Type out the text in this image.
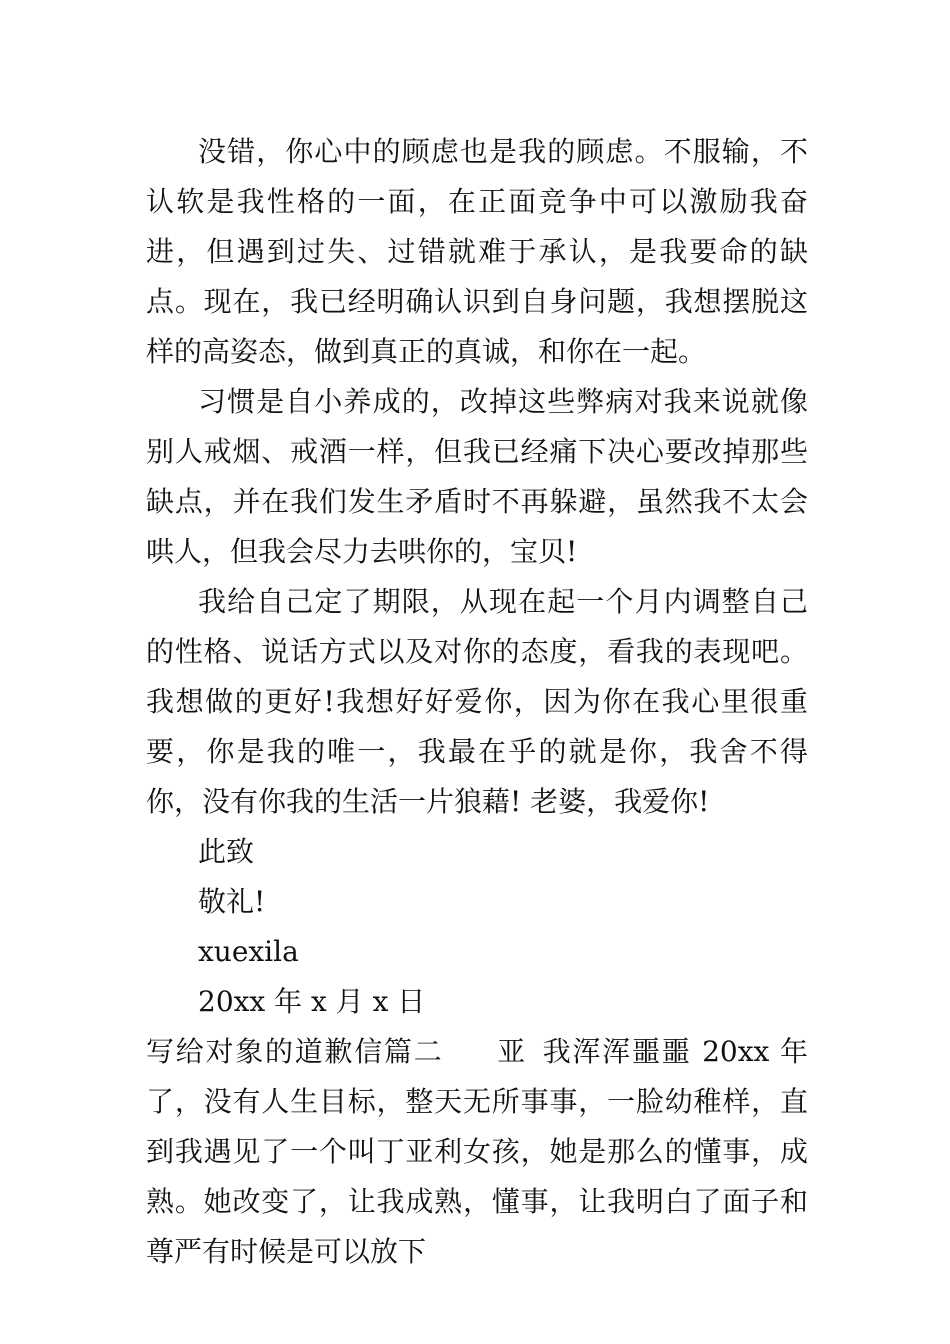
没错，你心中的顾虑也是我的顾虑。不服输，不认软是我性格的一面，在正面竞争中可以激励我奋进，但遇到过失、过错就难于承认，是我要命的缺点。现在，我已经明确认识到自身问题，我想摆脱这样的高姿态，做到真正的真诚，和你在一起。

习惯是自小养成的，改掉这些弊病对我来说就像别人戒烟、戒酒一样，但我已经痛下决心要改掉那些缺点，并在我们发生矛盾时不再躲避，虽然我不太会哄人，但我会尽力去哄你的，宝贝!

我给自己定了期限，从现在起一个月内调整自己的性格、说话方式以及对你的态度，看我的表现吧。我想做的更好!我想好好爱你，因为你在我心里很重要，你是我的唯一，我最在乎的就是你，我舍不得你，没有你我的生活一片狼藉! 老婆，我爱你!

此致

敬礼!

xuexila

20xx 年 x 月 x 日

写给对象的道歉信篇二 亚  我浑浑噩噩 20xx 年了，没有人生目标，整天无所事事，一脸幼稚样，直到我遇见了一个叫丁亚利女孩，她是那么的懂事，成熟。她改变了，让我成熟，懂事，让我明白了面子和尊严有时候是可以放下
